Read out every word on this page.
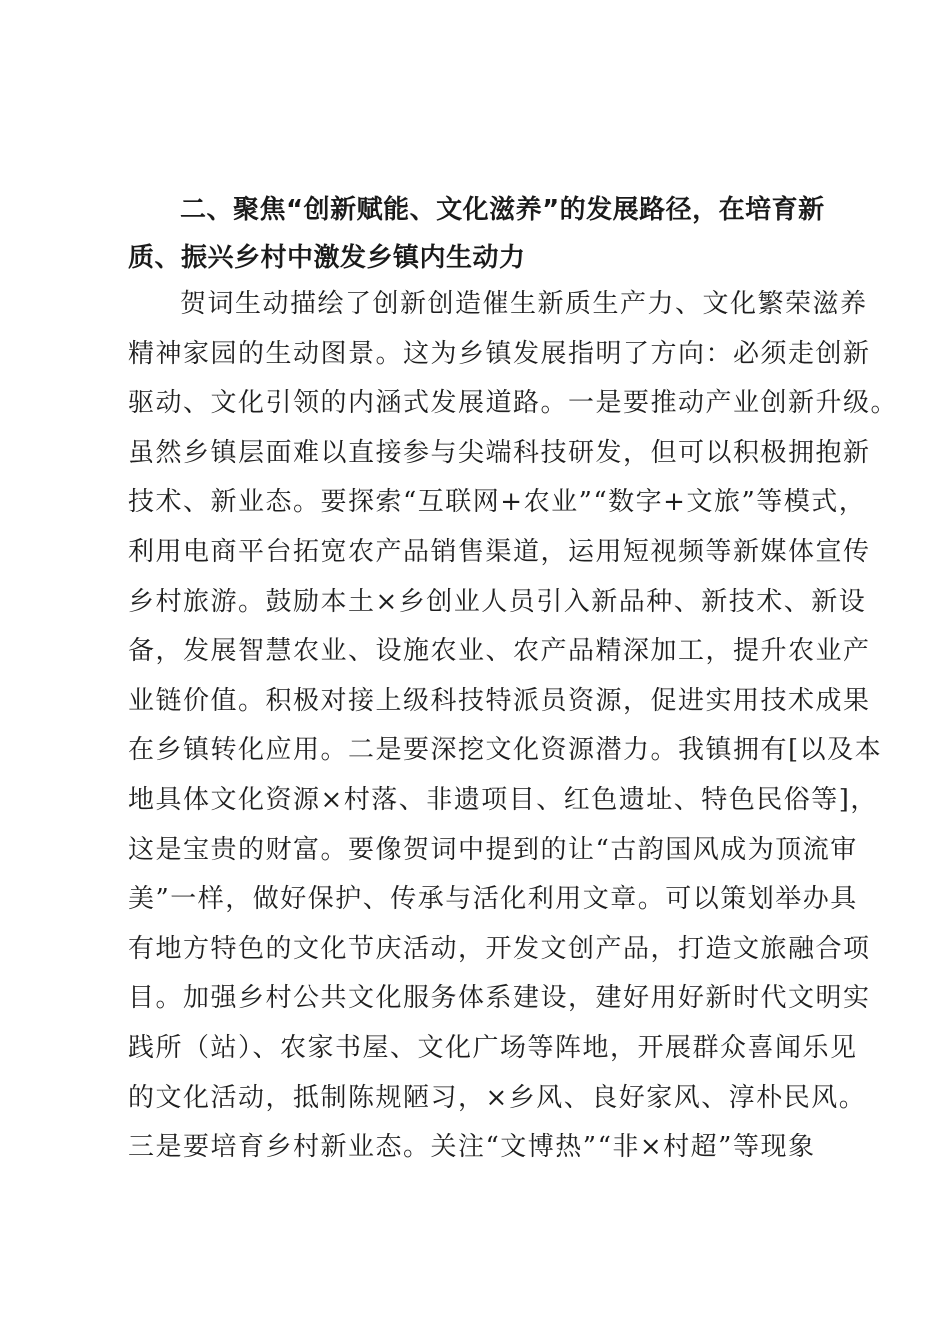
二、聚焦“创新赋能、文化滋养”的发展路径，在培育新
质、振兴乡村中激发乡镇内生动力
贺词生动描绘了创新创造催生新质生产力、文化繁荣滋养
精神家园的生动图景。这为乡镇发展指明了方向：必须走创新
驱动、文化引领的内涵式发展道路。一是要推动产业创新升级。
虽然乡镇层面难以直接参与尖端科技研发，但可以积极拥抱新
技术、新业态。要探索“互联网+农业”“数字+文旅”等模式，
利用电商平台拓宽农产品销售渠道，运用短视频等新媒体宣传
乡村旅游。鼓励本土×乡创业人员引入新品种、新技术、新设
备，发展智慧农业、设施农业、农产品精深加工，提升农业产
业链价值。积极对接上级科技特派员资源，促进实用技术成果
在乡镇转化应用。二是要深挖文化资源潜力。我镇拥有[以及本
地具体文化资源×村落、非遗项目、红色遗址、特色民俗等]，
这是宝贵的财富。要像贺词中提到的让“古韵国风成为顶流审
美”一样，做好保护、传承与活化利用文章。可以策划举办具
有地方特色的文化节庆活动，开发文创产品，打造文旅融合项
目。加强乡村公共文化服务体系建设，建好用好新时代文明实
践所（站）、农家书屋、文化广场等阵地，开展群众喜闻乐见
的文化活动，抵制陈规陋习，×乡风、良好家风、淳朴民风。
三是要培育乡村新业态。关注“文博热”“非×村超”等现象
